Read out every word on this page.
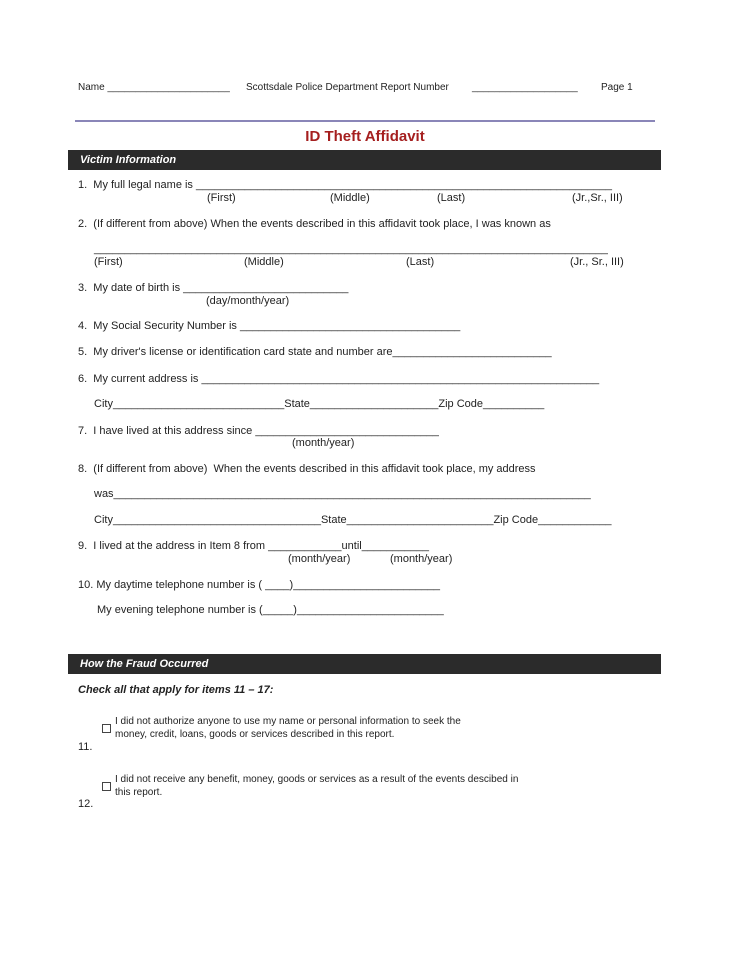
Name ______________________ Scottsdale Police Department Report Number ___________________ Page 1
ID Theft Affidavit
Victim Information
1.  My full legal name is ____________________________________________________________________
(First)	(Middle)	(Last)	(Jr.,Sr., III)
2.  (If different from above) When the events described in this affidavit took place, I was known as
____________________________________________________________________________________
(First)	(Middle)	(Last)	(Jr., Sr., III)
3.  My date of birth is ___________________________
(day/month/year)
4.  My Social Security Number is ____________________________________
5.  My driver's license or identification card state and number are__________________________
6.  My current address is _________________________________________________________________
City____________________________State_____________________Zip Code__________
7.  I have lived at this address since ______________________________
(month/year)
8.  (If different from above)  When the events described in this affidavit took place, my address
was______________________________________________________________________________
City__________________________________State________________________Zip Code____________
9.  I lived at the address in Item 8 from ____________until___________
(month/year)	(month/year)
10. My daytime telephone number is ( ____)________________________
My evening telephone number is (_____)________________________
How the Fraud Occurred
Check all that apply for items 11 – 17:
I did not authorize anyone to use my name or personal information to seek the
money, credit, loans, goods or services described in this report.
11.
I did not receive any benefit, money, goods or services as a result of the events descibed in
this report.
12.
